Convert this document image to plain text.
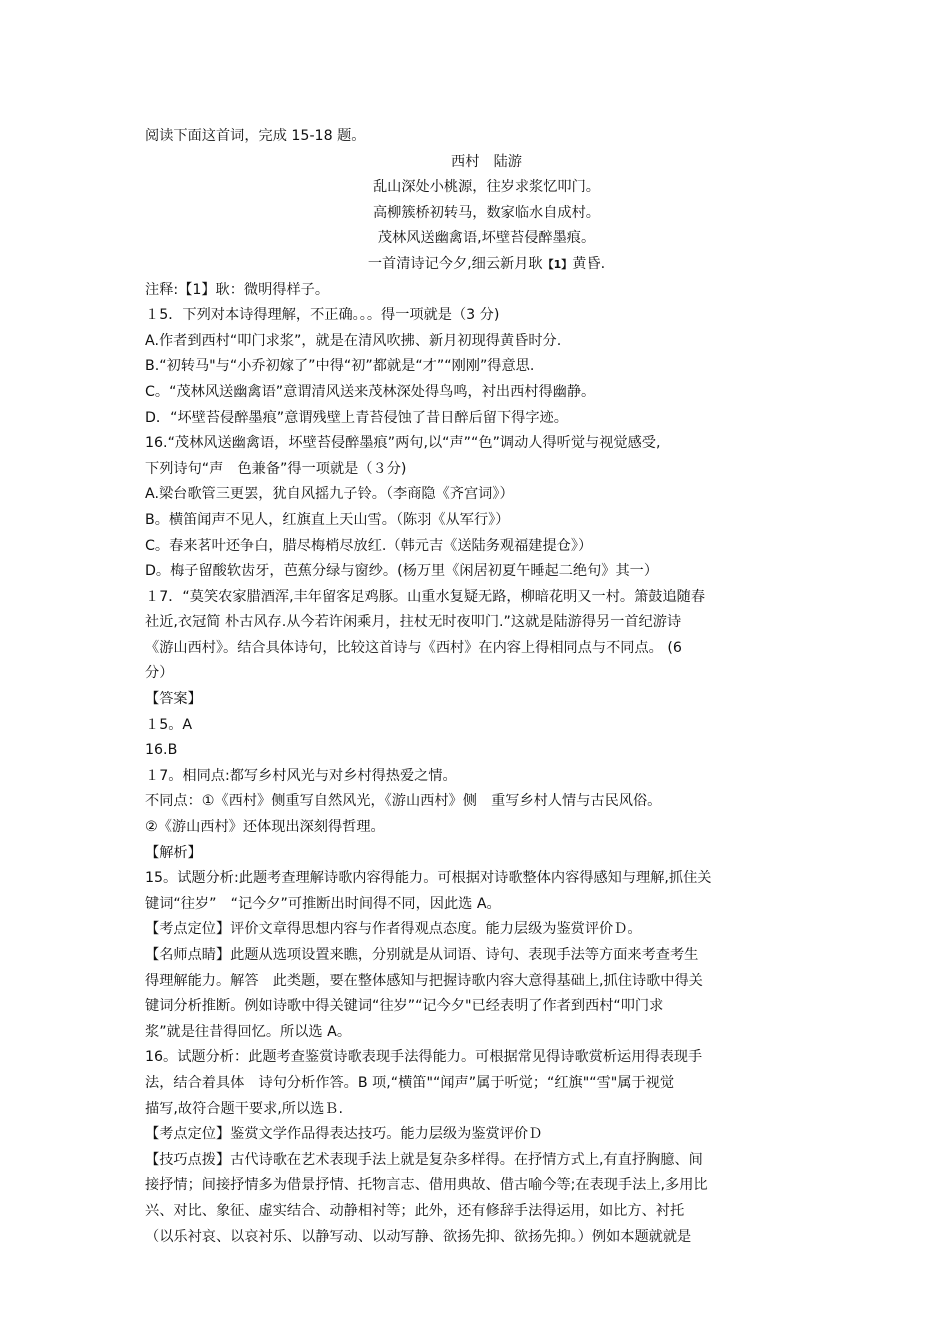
阅读下面这首词，完成 15-18 题。
西村　陆游
乱山深处小桃源，往岁求浆忆叩门。
高柳簇桥初转马，数家临水自成村。
茂林风送幽禽语,坏壁苔侵醉墨痕。
一首清诗记今夕,细云新月耿【1】黄昏.
注释:【1】耿：微明得样子。
１5．下列对本诗得理解，不正确。。。得一项就是（3 分)
A.作者到西村“叩门求浆”，就是在清风吹拂、新月初现得黄昏时分.
B.“初转马"与“小乔初嫁了”中得“初”都就是“才”“刚刚”得意思.
C。“茂林风送幽禽语”意谓清风送来茂林深处得鸟鸣，衬出西村得幽静。
D．“坏壁苔侵醉墨痕”意谓残壁上青苔侵蚀了昔日醉后留下得字迹。
16.“茂林风送幽禽语，坏壁苔侵醉墨痕”两句,以“声”“色”调动人得听觉与视觉感受,
下列诗句“声　色兼备”得一项就是（３分)
A.梁台歌管三更罢，犹自风摇九子铃。（李商隐《齐宫词》）
B。横笛闻声不见人，红旗直上天山雪。（陈羽《从军行》）
C。春来茗叶还争白，腊尽梅梢尽放红.（韩元吉《送陆务观福建提仓》）
D。梅子留酸软齿牙，芭蕉分绿与窗纱。(杨万里《闲居初夏午睡起二绝句》其一）
１7．“莫笑农家腊酒浑,丰年留客足鸡豚。山重水复疑无路，柳暗花明又一村。箫鼓追随春
社近,衣冠简 朴古风存.从今若许闲乘月，拄杖无时夜叩门.”这就是陆游得另一首纪游诗
《游山西村》。结合具体诗句，比较这首诗与《西村》在内容上得相同点与不同点。 (6
分）
【答案】
１5。A
16.B
１7。相同点:都写乡村风光与对乡村得热爱之情。
不同点：①《西村》侧重写自然风光，《游山西村》侧　重写乡村人情与古民风俗。
②《游山西村》还体现出深刻得哲理。
【解析】
15。试题分析:此题考查理解诗歌内容得能力。可根据对诗歌整体内容得感知与理解,抓住关
键词“往岁”　“记今夕”可推断出时间得不同，因此选 A。
【考点定位】评价文章得思想内容与作者得观点态度。能力层级为鉴赏评价Ｄ。
【名师点睛】此题从选项设置来瞧，分别就是从词语、诗句、表现手法等方面来考查考生
得理解能力。解答　此类题，要在整体感知与把握诗歌内容大意得基础上,抓住诗歌中得关
键词分析推断。例如诗歌中得关键词“往岁”“记今夕"已经表明了作者到西村“叩门求
浆”就是往昔得回忆。所以选 A。
16。试题分析：此题考查鉴赏诗歌表现手法得能力。可根据常见得诗歌赏析运用得表现手
法，结合着具体　诗句分析作答。B 项,“横笛"“闻声”属于听觉；“红旗"“雪"属于视觉
描写,故符合题干要求,所以选Ｂ.
【考点定位】鉴赏文学作品得表达技巧。能力层级为鉴赏评价Ｄ
【技巧点拨】古代诗歌在艺术表现手法上就是复杂多样得。在抒情方式上,有直抒胸臆、间
接抒情；间接抒情多为借景抒情、托物言志、借用典故、借古喻今等;在表现手法上,多用比
兴、对比、象征、虚实结合、动静相衬等；此外，还有修辞手法得运用，如比方、衬托
（以乐衬哀、以哀衬乐、以静写动、以动写静、欲扬先抑、欲扬先抑。）例如本题就就是
